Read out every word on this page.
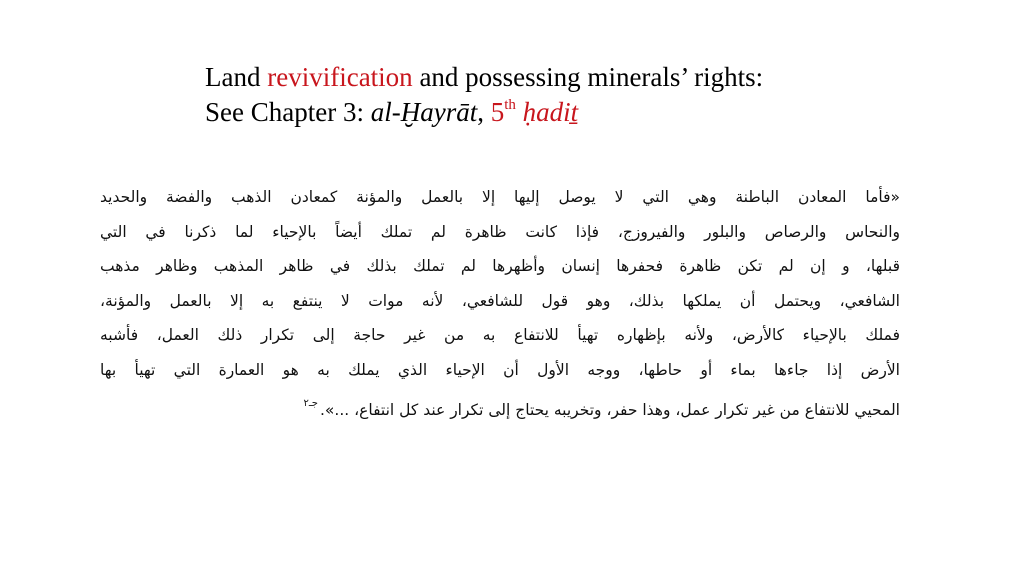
Land revivification and possessing minerals’ rights:
See Chapter 3: al-Ḫayrāt, 5th ḥadiṯ
«فأما المعادن الباطنة وهي التي لا يوصل إليها إلا بالعمل والمؤنة كمعادن الذهب والفضة والحديد
والنحاس والرصاص والبلور والفيروزج، فإذا كانت ظاهرة لم تملك أيضاً بالإحياء لما ذكرنا في التي
قبلها، و إن لم تكن ظاهرة فحفرها إنسان وأظهرها لم تملك بذلك في ظاهر المذهب وظاهر مذهب
الشافعي، ويحتمل أن يملكها بذلك، وهو قول للشافعي، لأنه موات لا ينتفع به إلا بالعمل والمؤنة،
فملك بالإحياء كالأرض، ولأنه بإظهاره تهيأ للانتفاع به من غير حاجة إلى تكرار ذلك العمل، فأشبه
الأرض إذا جاءها بماء أو حاطها، ووجه الأول أن الإحياء الذي يملك به هو العمارة التي تهيأ بها
المحيي للانتفاع من غير تكرار عمل، وهذا حفر، وتخريبه يحتاج إلى تكرار عند كل انتفاع، ...».$^{جـ٢}$
